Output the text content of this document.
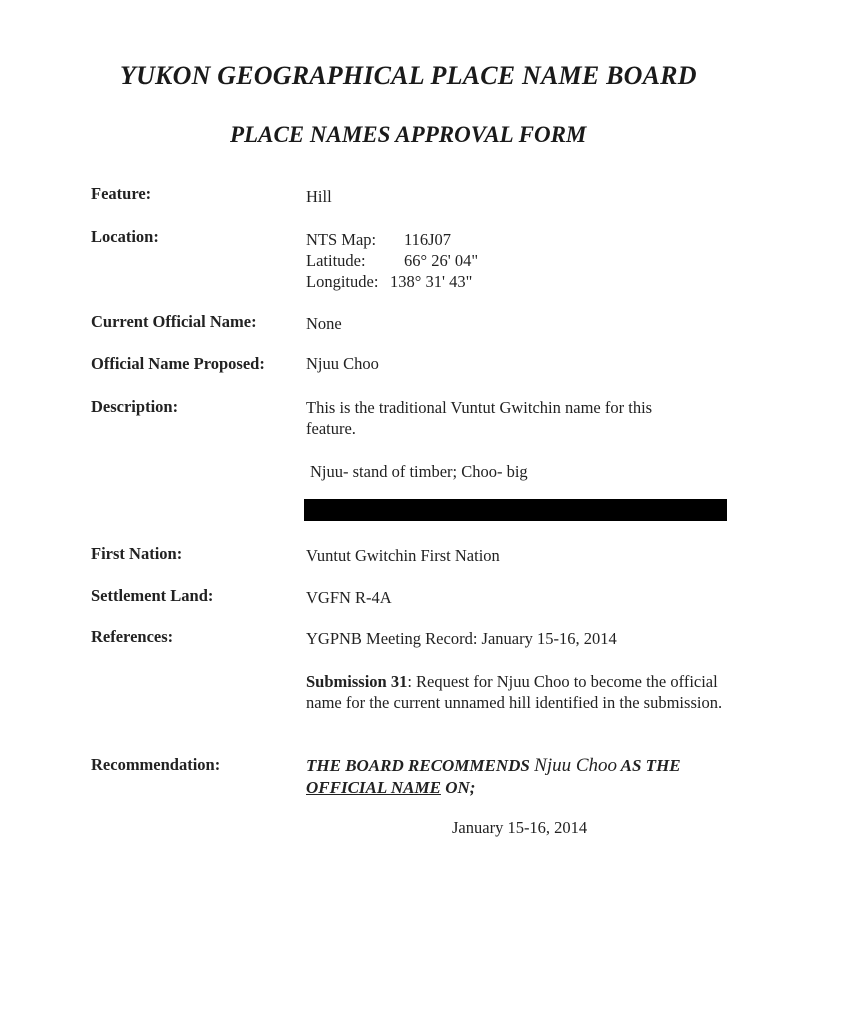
YUKON GEOGRAPHICAL PLACE NAME BOARD
PLACE NAMES APPROVAL FORM
Feature:	Hill
Location:	NTS Map:	116J07
Latitude:	66° 26' 04"
Longitude: 138° 31' 43"
Current Official Name:	None
Official Name Proposed: Njuu Choo
Description:	This is the traditional Vuntut Gwitchin name for this feature.
Njuu- stand of timber; Choo- big
First Nation:	Vuntut Gwitchin First Nation
Settlement Land:	VGFN R-4A
References:	YGPNB Meeting Record: January 15-16, 2014
Submission 31: Request for Njuu Choo to become the official name for the current unnamed hill identified in the submission.
Recommendation:	THE BOARD RECOMMENDS Njuu Choo AS THE OFFICIAL NAME ON;
January 15-16, 2014
